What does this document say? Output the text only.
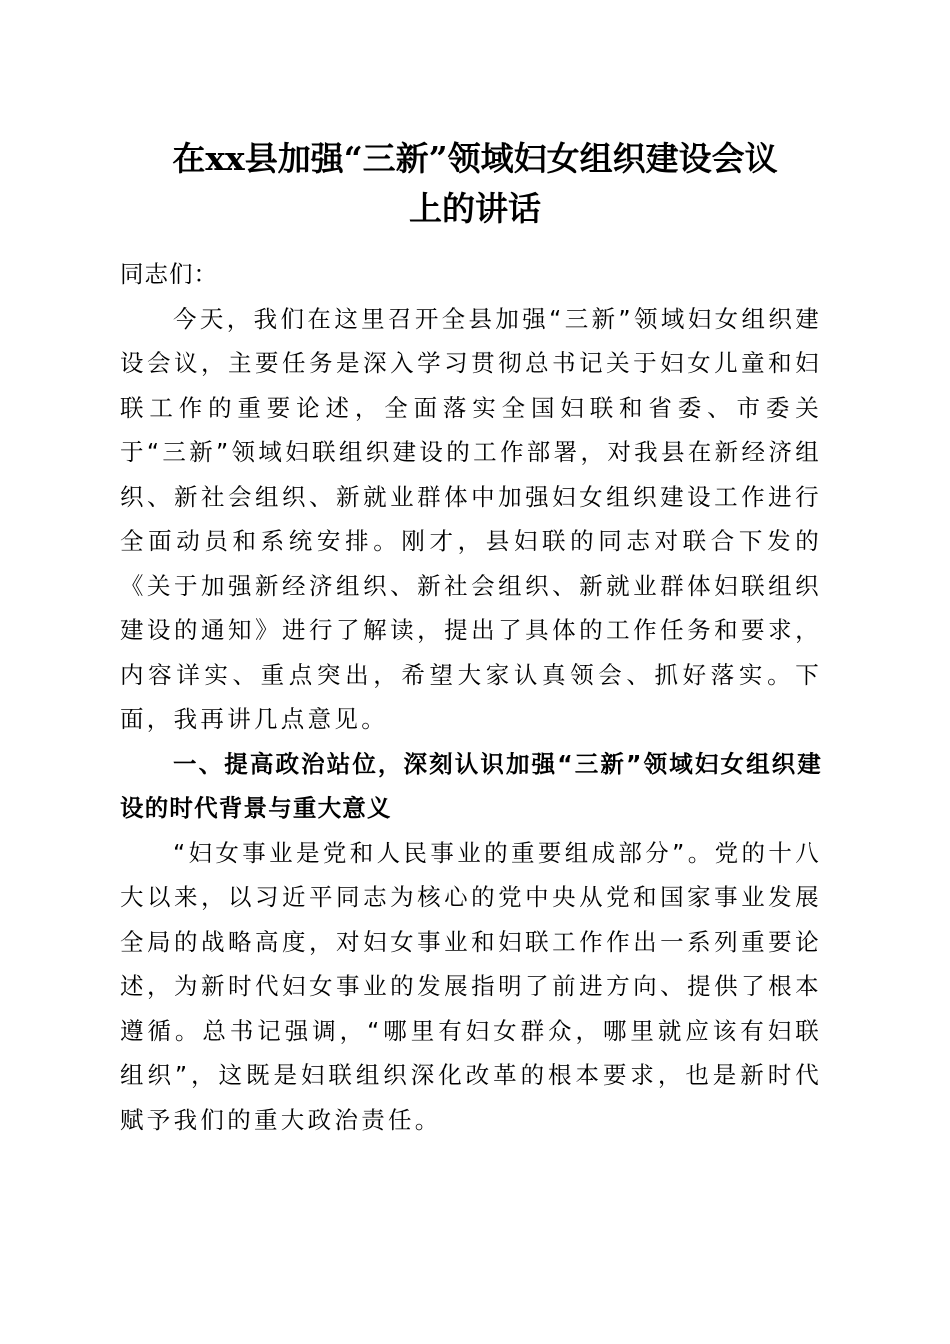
在xx县加强“三新”领域妇女组织建设会议
上的讲话

同志们：

今天，我们在这里召开全县加强“三新”领域妇女组织建设会议，主要任务是深入学习贯彻总书记关于妇女儿童和妇联工作的重要论述，全面落实全国妇联和省委、市委关于“三新”领域妇联组织建设的工作部署，对我县在新经济组织、新社会组织、新就业群体中加强妇女组织建设工作进行全面动员和系统安排。刚才，县妇联的同志对联合下发的《关于加强新经济组织、新社会组织、新就业群体妇联组织建设的通知》进行了解读，提出了具体的工作任务和要求，内容详实、重点突出，希望大家认真领会、抓好落实。下面，我再讲几点意见。

一、提高政治站位，深刻认识加强“三新”领域妇女组织建设的时代背景与重大意义

“妇女事业是党和人民事业的重要组成部分”。党的十八大以来，以习近平同志为核心的党中央从党和国家事业发展全局的战略高度，对妇女事业和妇联工作作出一系列重要论述，为新时代妇女事业的发展指明了前进方向、提供了根本遵循。总书记强调，“哪里有妇女群众，哪里就应该有妇联组织”，这既是妇联组织深化改革的根本要求，也是新时代赋予我们的重大政治责任。
